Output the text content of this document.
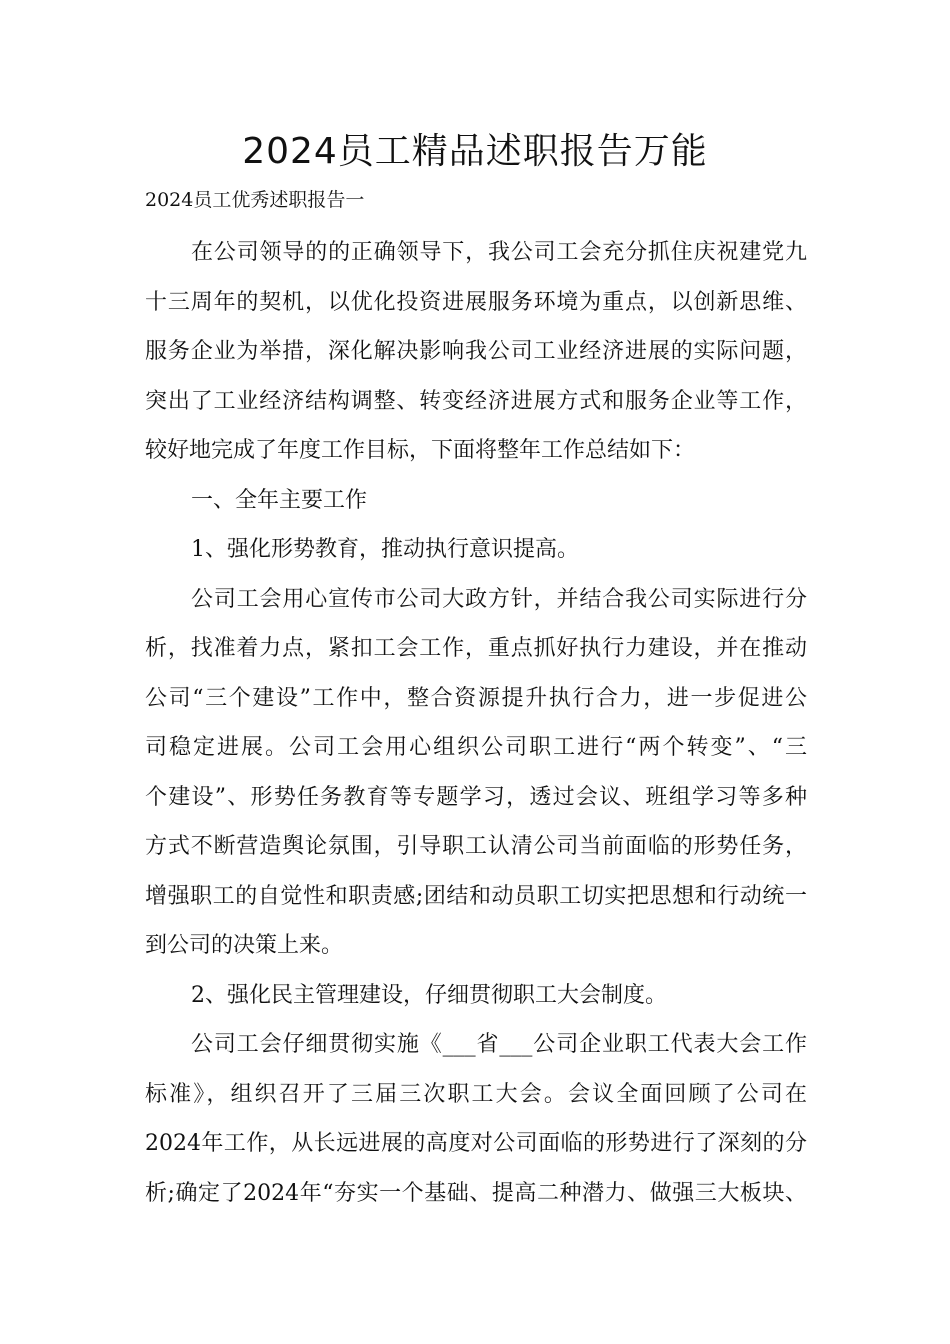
2024员工精品述职报告万能
2024员工优秀述职报告一
在公司领导的的正确领导下，我公司工会充分抓住庆祝建党九
十三周年的契机，以优化投资进展服务环境为重点，以创新思维、
服务企业为举措，深化解决影响我公司工业经济进展的实际问题，
突出了工业经济结构调整、转变经济进展方式和服务企业等工作，
较好地完成了年度工作目标，下面将整年工作总结如下：
一、全年主要工作
1、强化形势教育，推动执行意识提高。
公司工会用心宣传市公司大政方针，并结合我公司实际进行分
析，找准着力点，紧扣工会工作，重点抓好执行力建设，并在推动
公司“三个建设”工作中，整合资源提升执行合力，进一步促进公
司稳定进展。公司工会用心组织公司职工进行“两个转变”、“三
个建设”、形势任务教育等专题学习，透过会议、班组学习等多种
方式不断营造舆论氛围，引导职工认清公司当前面临的形势任务，
增强职工的自觉性和职责感;团结和动员职工切实把思想和行动统一
到公司的决策上来。
2、强化民主管理建设，仔细贯彻职工大会制度。
公司工会仔细贯彻实施《___省___公司企业职工代表大会工作
标准》，组织召开了三届三次职工大会。会议全面回顾了公司在
2024年工作，从长远进展的高度对公司面临的形势进行了深刻的分
析;确定了2024年“夯实一个基础、提高二种潜力、做强三大板块、
